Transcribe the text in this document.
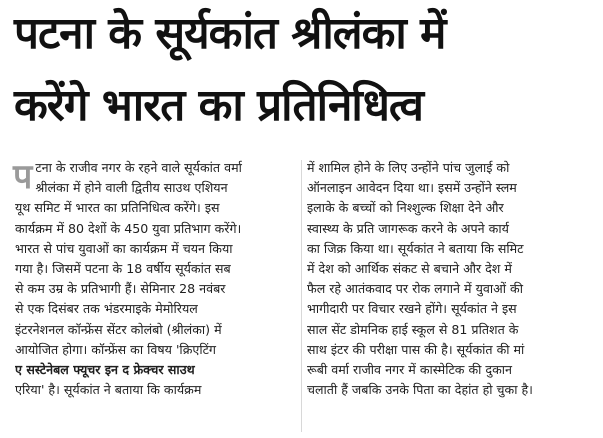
पटना के सूर्यकांत श्रीलंका में
करेंगे भारत का प्रतिनिधित्व
प टना के राजीव नगर के रहने वाले सूर्यकांत वर्मा
श्रीलंका में होने वाली द्वितीय साउथ एशियन
यूथ समिट में भारत का प्रतिनिधित्व करेंगे। इस
कार्यक्रम में 80 देशों के 450 युवा प्रतिभाग करेंगे।
भारत से पांच युवाओं का कार्यक्रम में चयन किया
गया है। जिसमें पटना के 18 वर्षीय सूर्यकांत सब
से कम उम्र के प्रतिभागी हैं। सेमिनार 28 नवंबर
से एक दिसंबर तक भंडरमाइके मेमोरियल
इंटरनेशनल कॉन्फ्रेंस सेंटर कोलंबो (श्रीलंका) में
आयोजित होगा। कॉन्फ्रेंस का विषय 'क्रिएटिंग
ए सस्टेनेबल फ्यूचर इन द फ्रेक्चर साउथ
एरिया' है। सूर्यकांत ने बताया कि कार्यक्रम
में शामिल होने के लिए उन्होंने पांच जुलाई को
ऑनलाइन आवेदन दिया था। इसमें उन्होंने स्लम
इलाके के बच्चों को निश्शुल्क शिक्षा देने और
स्वास्थ्य के प्रति जागरूक करने के अपने कार्य
का जिक्र किया था। सूर्यकांत ने बताया कि समिट
में देश को आर्थिक संकट से बचाने और देश में
फैल रहे आतंकवाद पर रोक लगाने में युवाओं की
भागीदारी पर विचार रखने होंगे। सूर्यकांत ने इस
साल सेंट डोमनिक हाई स्कूल से 81 प्रतिशत के
साथ इंटर की परीक्षा पास की है। सूर्यकांत की मां
रूबी वर्मा राजीव नगर में कास्मेटिक की दुकान
चलाती हैं जबकि उनके पिता का देहांत हो चुका है।
